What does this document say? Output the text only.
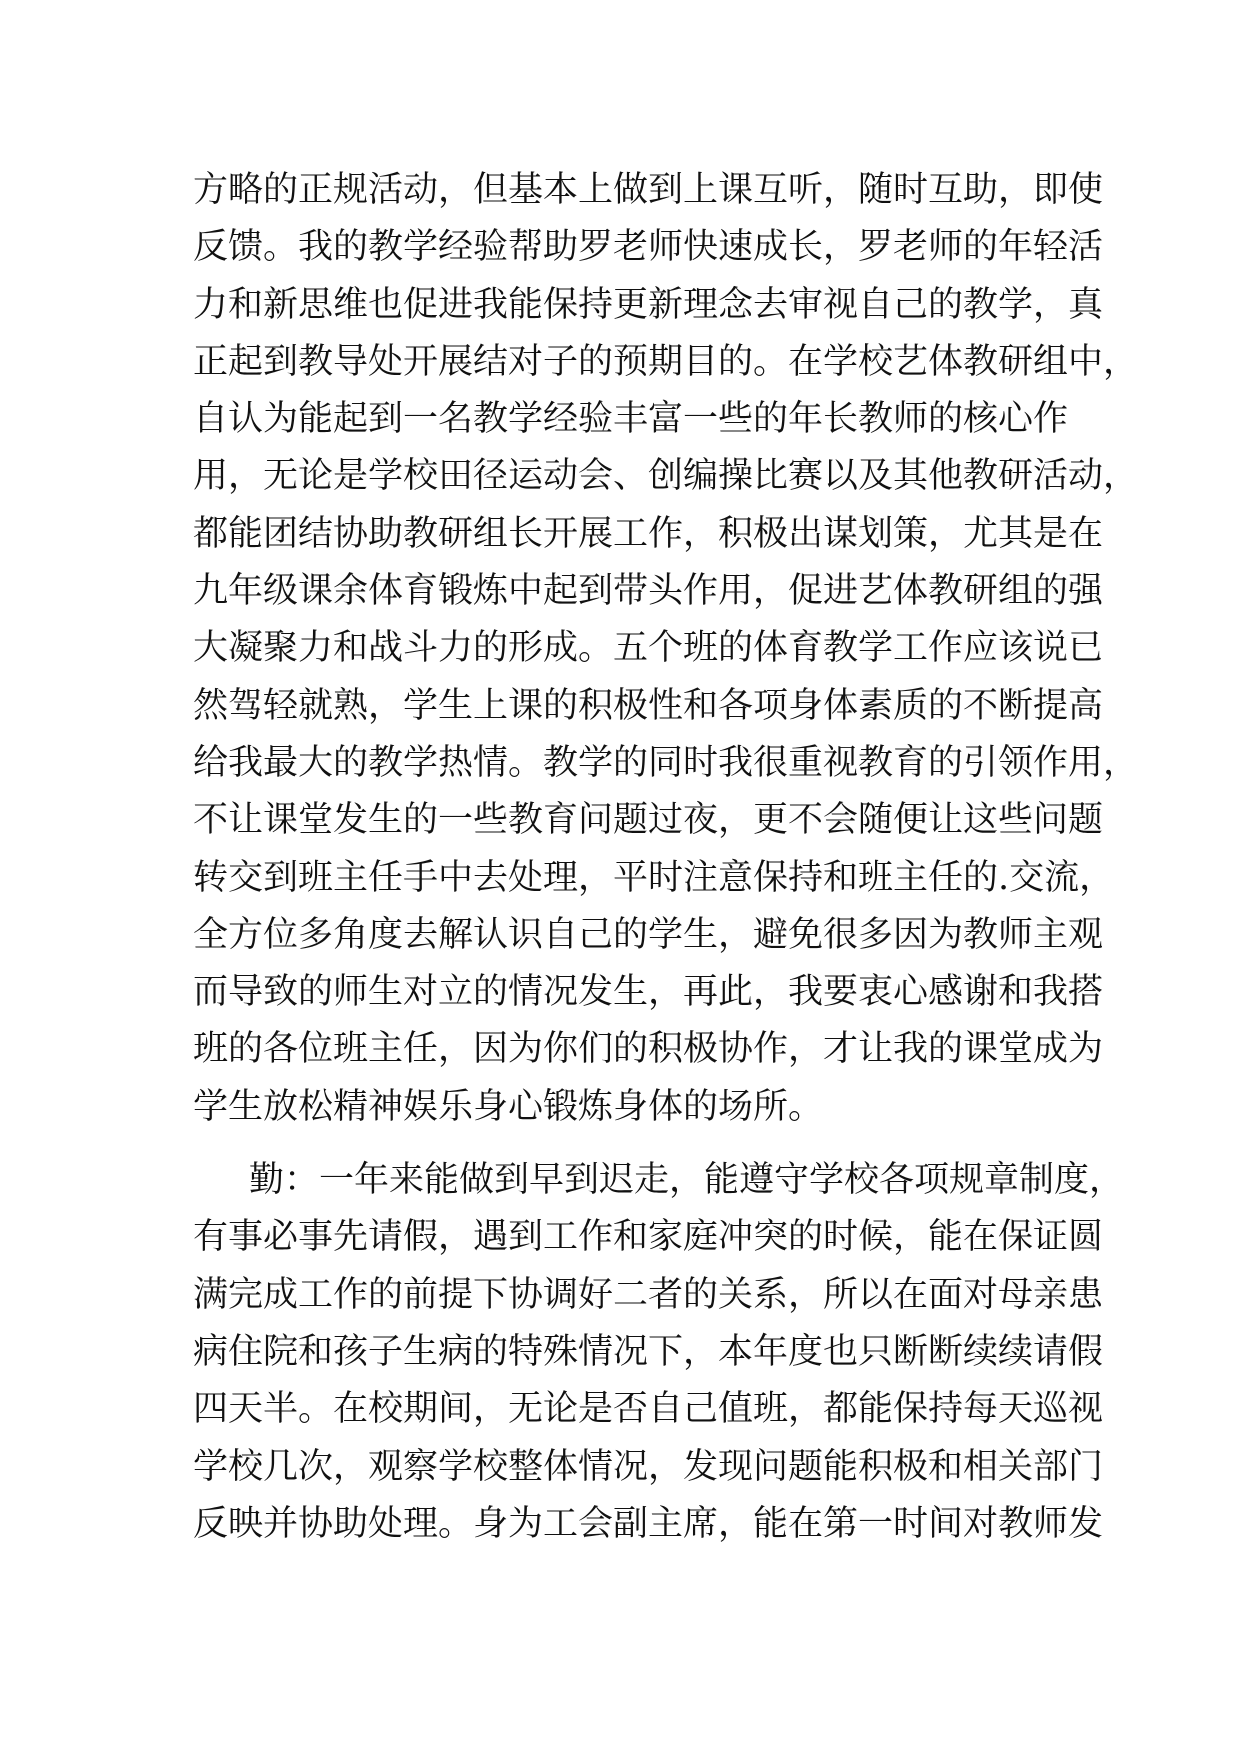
方略的正规活动，但基本上做到上课互听，随时互助，即使
反馈。我的教学经验帮助罗老师快速成长，罗老师的年轻活
力和新思维也促进我能保持更新理念去审视自己的教学，真
正起到教导处开展结对子的预期目的。在学校艺体教研组中，
自认为能起到一名教学经验丰富一些的年长教师的核心作
用，无论是学校田径运动会、创编操比赛以及其他教研活动，
都能团结协助教研组长开展工作，积极出谋划策，尤其是在
九年级课余体育锻炼中起到带头作用，促进艺体教研组的强
大凝聚力和战斗力的形成。五个班的体育教学工作应该说已
然驾轻就熟，学生上课的积极性和各项身体素质的不断提高
给我最大的教学热情。教学的同时我很重视教育的引领作用，
不让课堂发生的一些教育问题过夜，更不会随便让这些问题
转交到班主任手中去处理，平时注意保持和班主任的.交流，
全方位多角度去解认识自己的学生，避免很多因为教师主观
而导致的师生对立的情况发生，再此，我要衷心感谢和我搭
班的各位班主任，因为你们的积极协作，才让我的课堂成为
学生放松精神娱乐身心锻炼身体的场所。
勤：一年来能做到早到迟走，能遵守学校各项规章制度，
有事必事先请假，遇到工作和家庭冲突的时候，能在保证圆
满完成工作的前提下协调好二者的关系，所以在面对母亲患
病住院和孩子生病的特殊情况下，本年度也只断断续续请假
四天半。在校期间，无论是否自己值班，都能保持每天巡视
学校几次，观察学校整体情况，发现问题能积极和相关部门
反映并协助处理。身为工会副主席，能在第一时间对教师发
